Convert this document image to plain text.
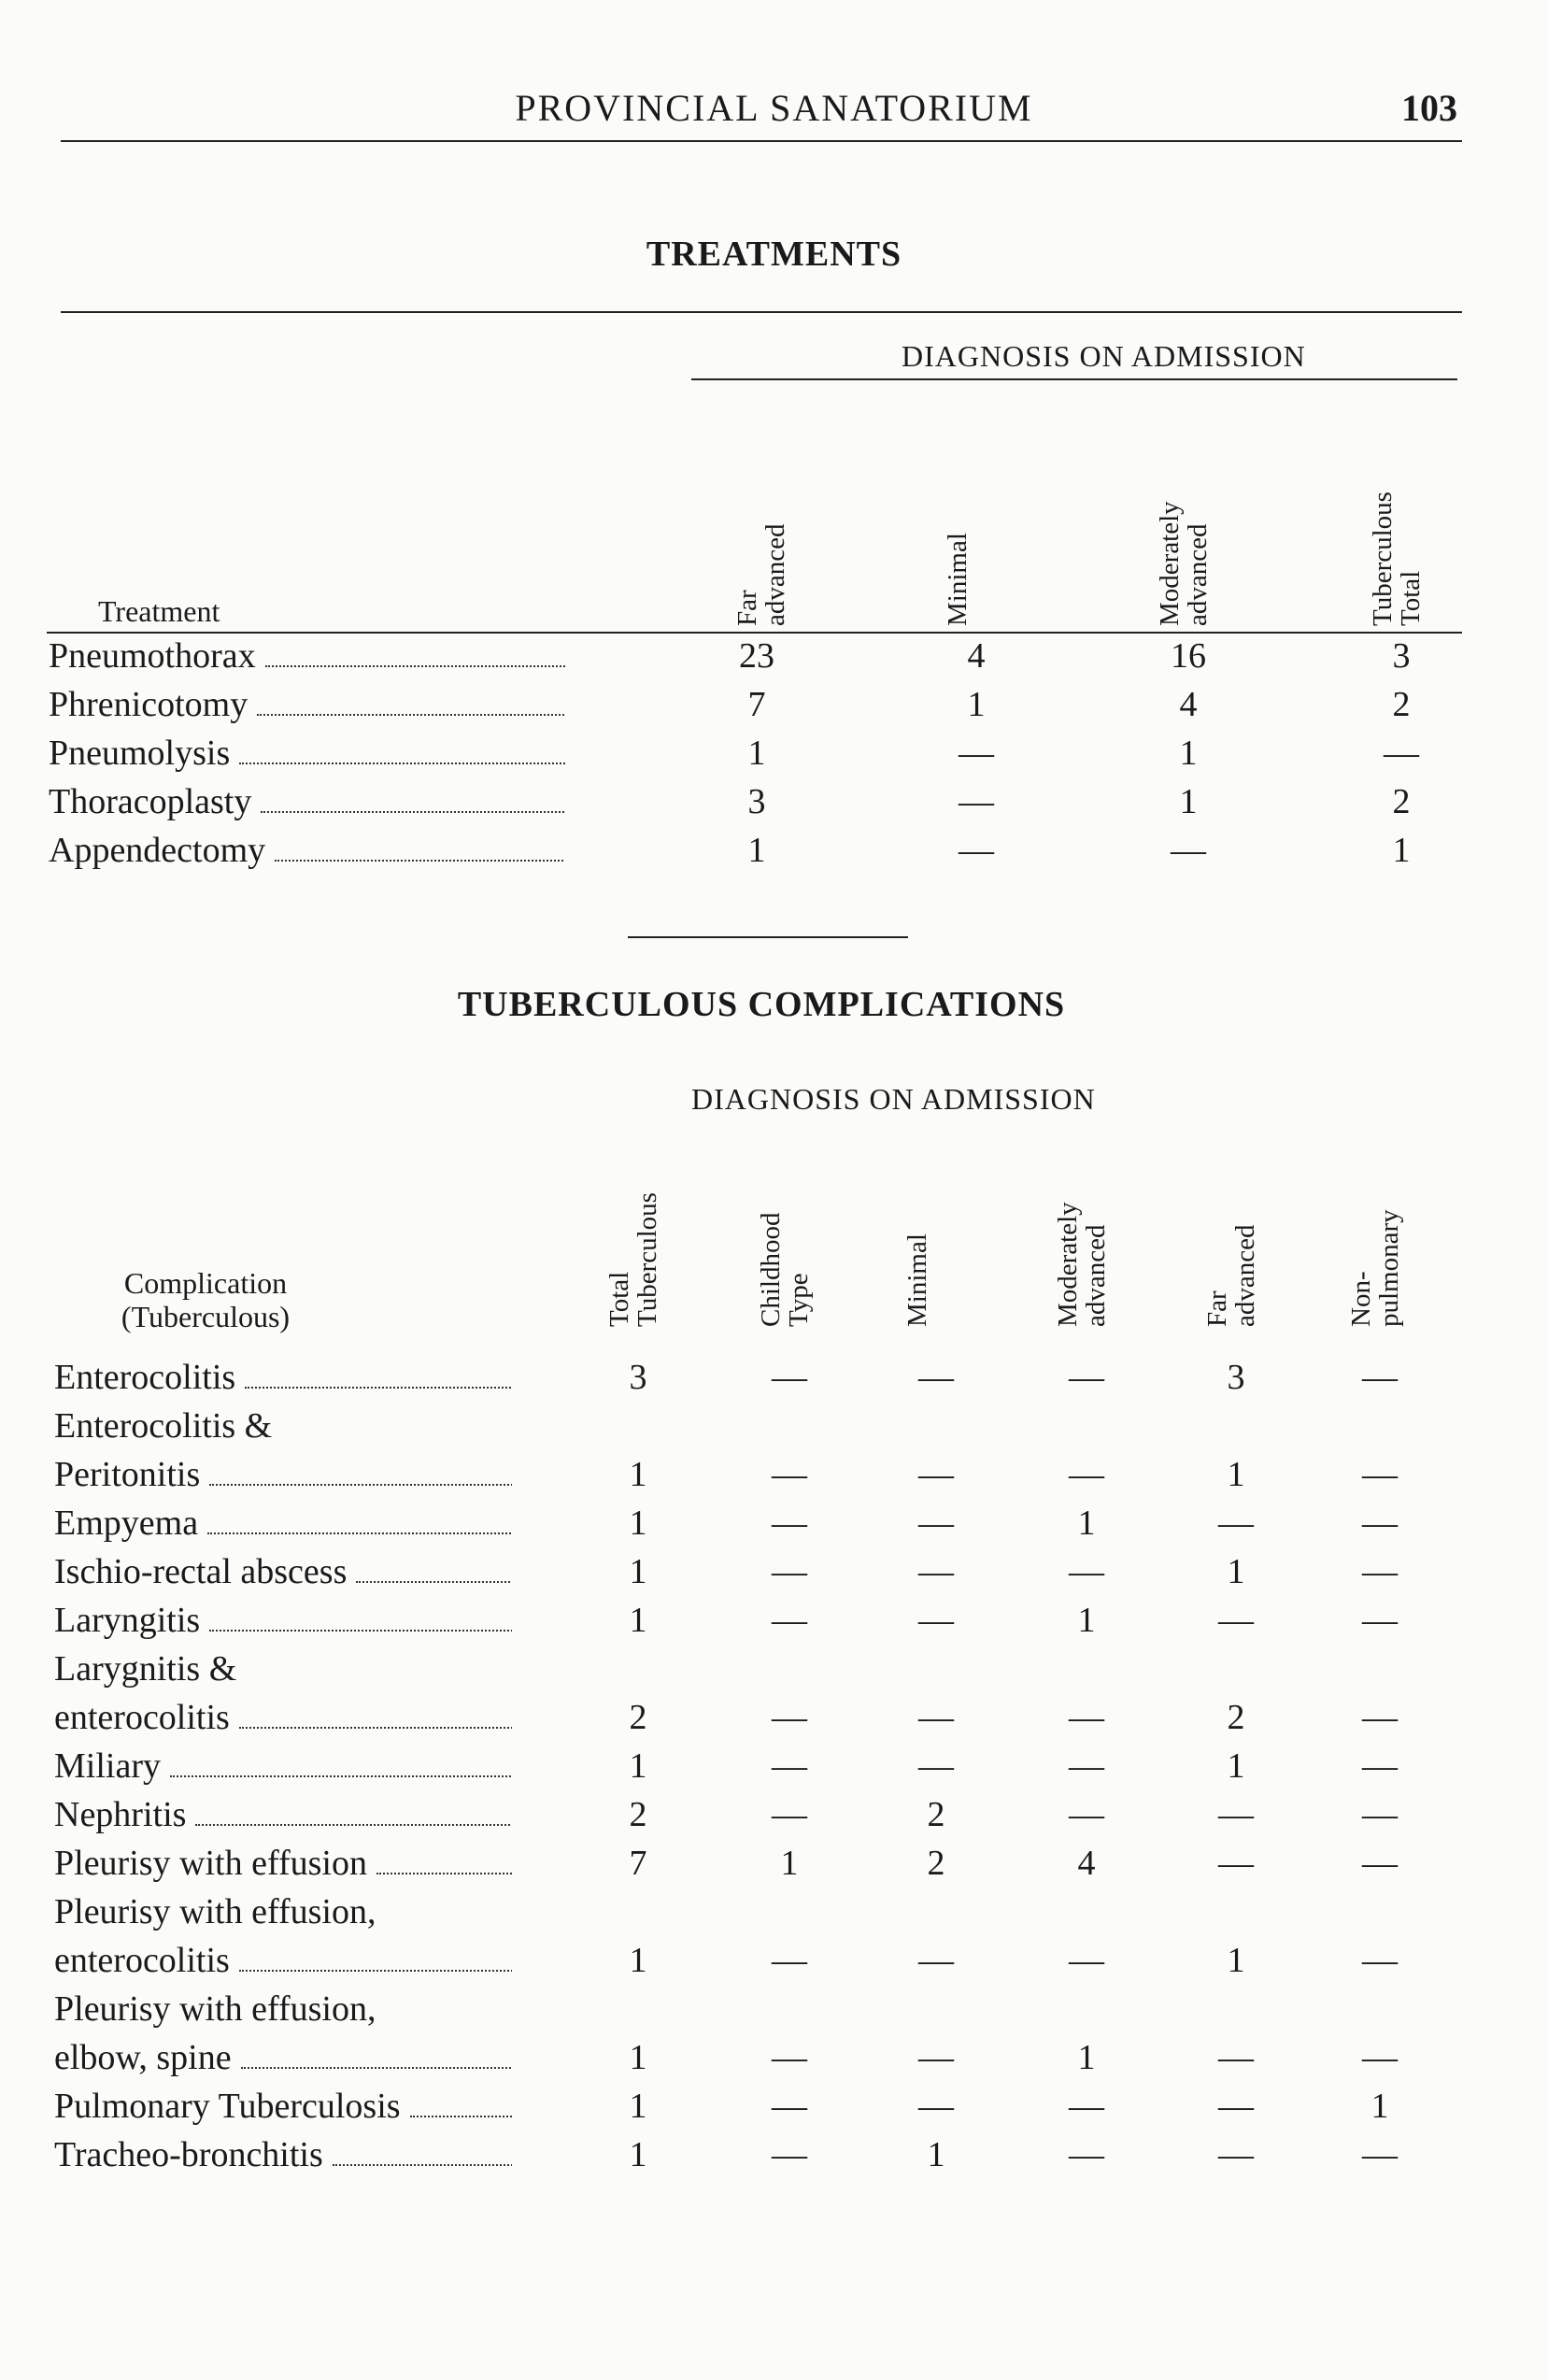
PROVINCIAL SANATORIUM	103
TREATMENTS
DIAGNOSIS ON ADMISSION
Far
advanced	Minimal	Moderately
advanced	Tuberculous
Total
Treatment
Pneumothorax	23	4	16	3
Phrenicotomy	7	1	4	2
Pneumolysis	1	—	1	—
Thoracoplasty	3	—	1	2
Appendectomy	1	—	—	1
TUBERCULOUS COMPLICATIONS
DIAGNOSIS ON ADMISSION
Complication
(Tuberculous)	Total
Tuberculous	Childhood
Type	Minimal	Moderately
advanced	Far
advanced	Non-
pulmonary
Enterocolitis	3	—	—	—	3	—
Enterocolitis &
Peritonitis	1	—	—	—	1	—
Empyema	1	—	—	1	—	—
Ischio-rectal abscess	1	—	—	—	1	—
Laryngitis	1	—	—	1	—	—
Larygnitis &
enterocolitis	2	—	—	—	2	—
Miliary	1	—	—	—	1	—
Nephritis	2	—	2	—	—	—
Pleurisy with effusion	7	1	2	4	—	—
Pleurisy with effusion,
enterocolitis	1	—	—	—	1	—
Pleurisy with effusion,
elbow, spine	1	—	—	1	—	—
Pulmonary Tuberculosis	1	—	—	—	—	1
Tracheo-bronchitis	1	—	1	—	—	—
